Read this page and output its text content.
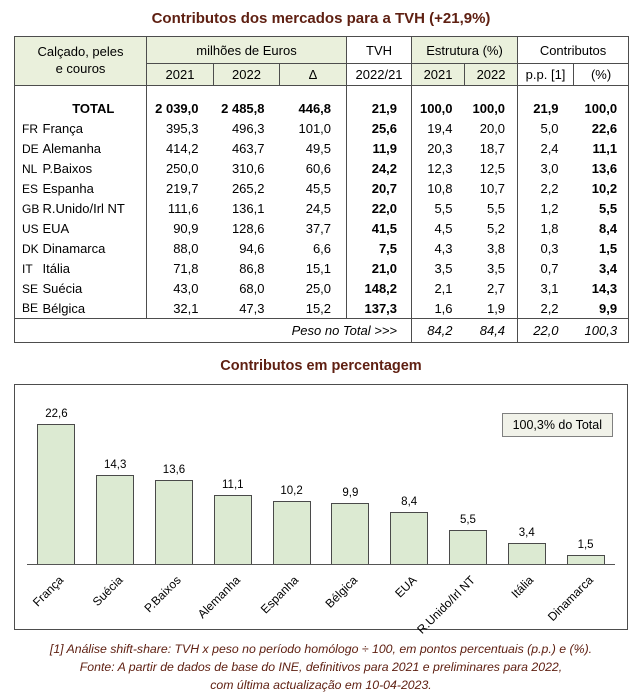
Contributos dos mercados para a TVH (+21,9%)
Calçado, peles
e couros		milhões de Euros			TVH	Estrutura (%)		Contributos	
		2021	2022	Δ	2022/21	2021	2022	p.p. [1]	(%)
	TOTAL	2 039,0	2 485,8	446,8	21,9	100,0	100,0	21,9	100,0
FR	França	395,3	496,3	101,0	25,6	19,4	20,0	5,0	22,6
DE	Alemanha	414,2	463,7	49,5	11,9	20,3	18,7	2,4	11,1
NL	P.Baixos	250,0	310,6	60,6	24,2	12,3	12,5	3,0	13,6
ES	Espanha	219,7	265,2	45,5	20,7	10,8	10,7	2,2	10,2
GB	R.Unido/Irl NT	111,6	136,1	24,5	22,0	5,5	5,5	1,2	5,5
US	EUA	90,9	128,6	37,7	41,5	4,5	5,2	1,8	8,4
DK	Dinamarca	88,0	94,6	6,6	7,5	4,3	3,8	0,3	1,5
IT	Itália	71,8	86,8	15,1	21,0	3,5	3,5	0,7	3,4
SE	Suécia	43,0	68,0	25,0	148,2	2,1	2,7	3,1	14,3
BE	Bélgica	32,1	47,3	15,2	137,3	1,6	1,9	2,2	9,9
Peso no Total >>>						84,2	84,4	22,0	100,3
Contributos em percentagem
22,6
França
14,3
Suécia
13,6
P.Baixos
11,1
Alemanha
10,2
Espanha
9,9
Bélgica
8,4
EUA
5,5
R.Unido/Irl NT
3,4
Itália
1,5
Dinamarca
100,3% do Total
[1] Análise shift-share: TVH x peso no período homólogo ÷ 100, em pontos percentuais (p.p.) e (%).
Fonte: A partir de dados de base do INE, definitivos para 2021 e preliminares para 2022,
com última actualização em 10-04-2023.
